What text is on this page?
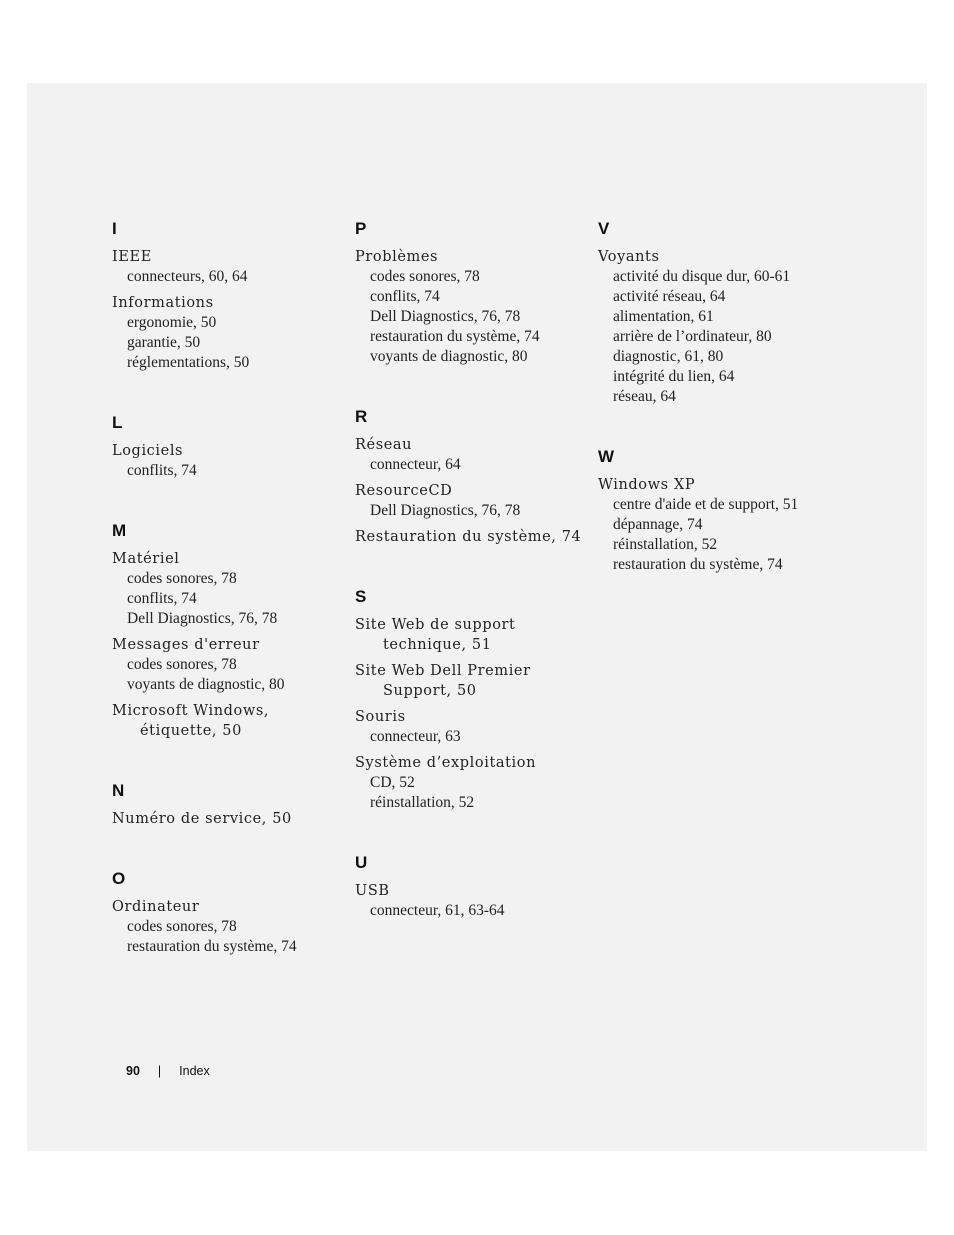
I
IEEE
connecteurs, 60, 64
Informations
ergonomie, 50
garantie, 50
réglementations, 50
L
Logiciels
conflits, 74
M
Matériel
codes sonores, 78
conflits, 74
Dell Diagnostics, 76, 78
Messages d'erreur
codes sonores, 78
voyants de diagnostic, 80
Microsoft Windows, étiquette, 50
N
Numéro de service, 50
O
Ordinateur
codes sonores, 78
restauration du système, 74
P
Problèmes
codes sonores, 78
conflits, 74
Dell Diagnostics, 76, 78
restauration du système, 74
voyants de diagnostic, 80
R
Réseau
connecteur, 64
ResourceCD
Dell Diagnostics, 76, 78
Restauration du système, 74
S
Site Web de support technique, 51
Site Web Dell Premier Support, 50
Souris
connecteur, 63
Système d’exploitation
CD, 52
réinstallation, 52
U
USB
connecteur, 61, 63-64
V
Voyants
activité du disque dur, 60-61
activité réseau, 64
alimentation, 61
arrière de l’ordinateur, 80
diagnostic, 61, 80
intégrité du lien, 64
réseau, 64
W
Windows XP
centre d'aide et de support, 51
dépannage, 74
réinstallation, 52
restauration du système, 74
90 | Index
